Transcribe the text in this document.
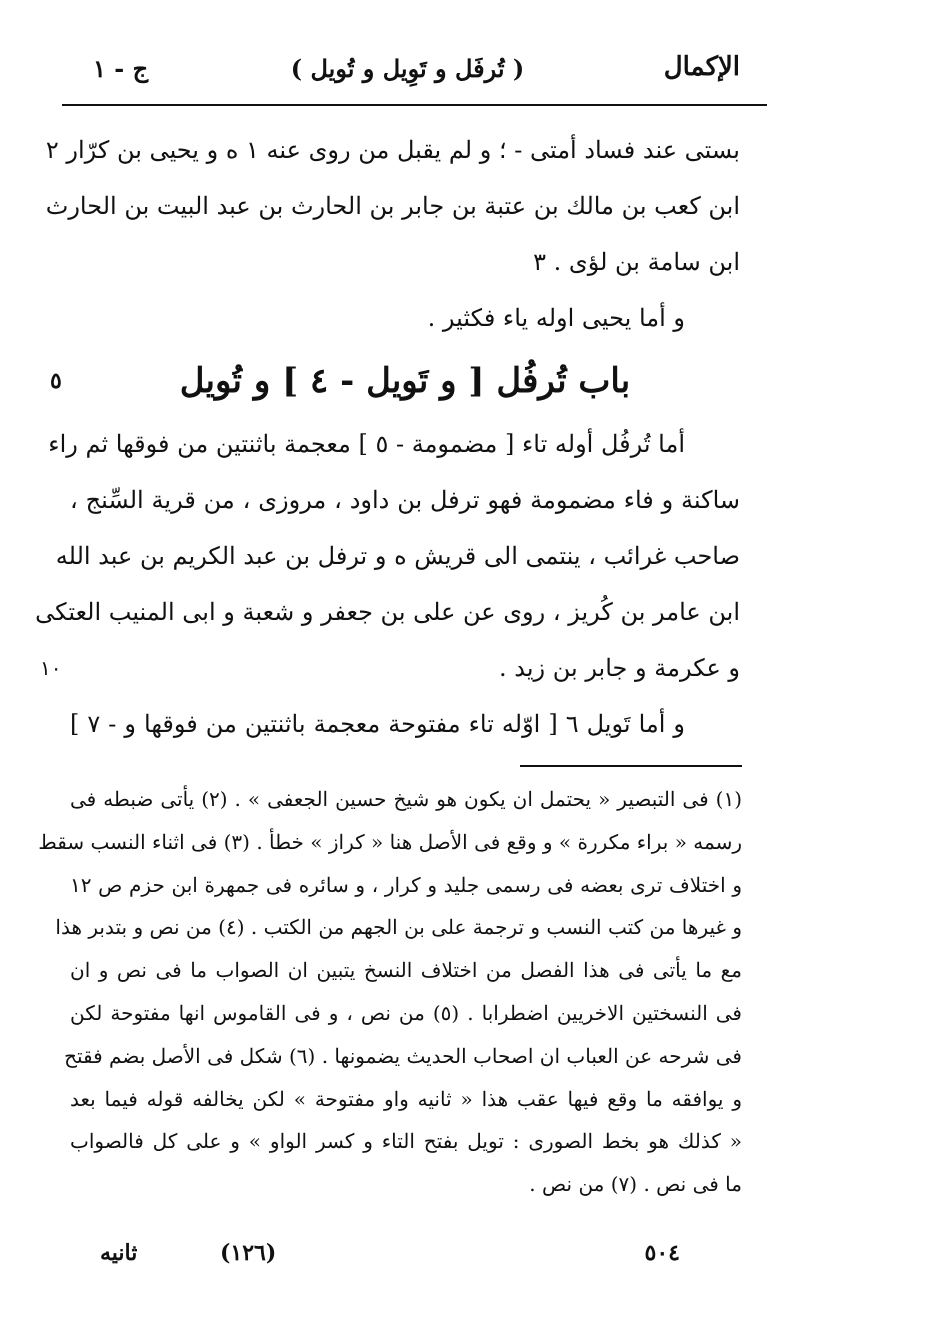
الإكمال
( تُرفَل و تَوِيل و تُويل )
ج - ١
بستى عند فساد أمتى - ؛ و لم يقبل من روى عنه ١ ه و يحيى بن كرّار ٢
ابن كعب بن مالك بن عتبة بن جابر بن الحارث بن عبد البيت بن الحارث
ابن سامة بن لؤى . ٣
و أما يحيى اوله ياء فكثير .
باب تُرفُل [ و تَويل - ٤ ] و تُويل
٥
أما تُرفُل أوله تاء [ مضمومة - ٥ ] معجمة باثنتين من فوقها ثم راء
ساكنة و فاء مضمومة فهو ترفل بن داود ، مروزى ، من قرية السِّنج ،
صاحب غرائب ، ينتمى الى قريش ه و ترفل بن عبد الكريم بن عبد الله
ابن عامر بن كُريز ، روى عن على بن جعفر و شعبة و ابى المنيب العتكى
و عكرمة و جابر بن زيد .
١٠
و أما تَويل ٦ [ اوّله تاء مفتوحة معجمة باثنتين من فوقها و - ٧ ]
(١) فى التبصير « يحتمل ان يكون هو شيخ حسين الجعفى » . (٢) يأتى ضبطه فى
رسمه « براء مكررة » و وقع فى الأصل هنا « كراز » خطأ . (٣) فى اثناء النسب سقط
و اختلاف ترى بعضه فى رسمى جليد و كرار ، و سائره فى جمهرة ابن حزم ص ١٢
و غيرها من كتب النسب و ترجمة على بن الجهم من الكتب . (٤) من نص و بتدبر هذا
مع ما يأتى فى هذا الفصل من اختلاف النسخ يتبين ان الصواب ما فى نص و ان
فى النسختين الاخريين اضطرابا . (٥) من نص ، و فى القاموس انها مفتوحة لكن
فى شرحه عن العباب ان اصحاب الحديث يضمونها . (٦) شكل فى الأصل بضم فقتح
و يوافقه ما وقع فيها عقب هذا « ثانيه واو مفتوحة » لكن يخالفه قوله فيما بعد
« كذلك هو بخط الصورى : تويل بفتح التاء و كسر الواو » و على كل فالصواب
ما فى نص . (٧) من نص .
٥٠٤
(١٢٦)
ثانيه
